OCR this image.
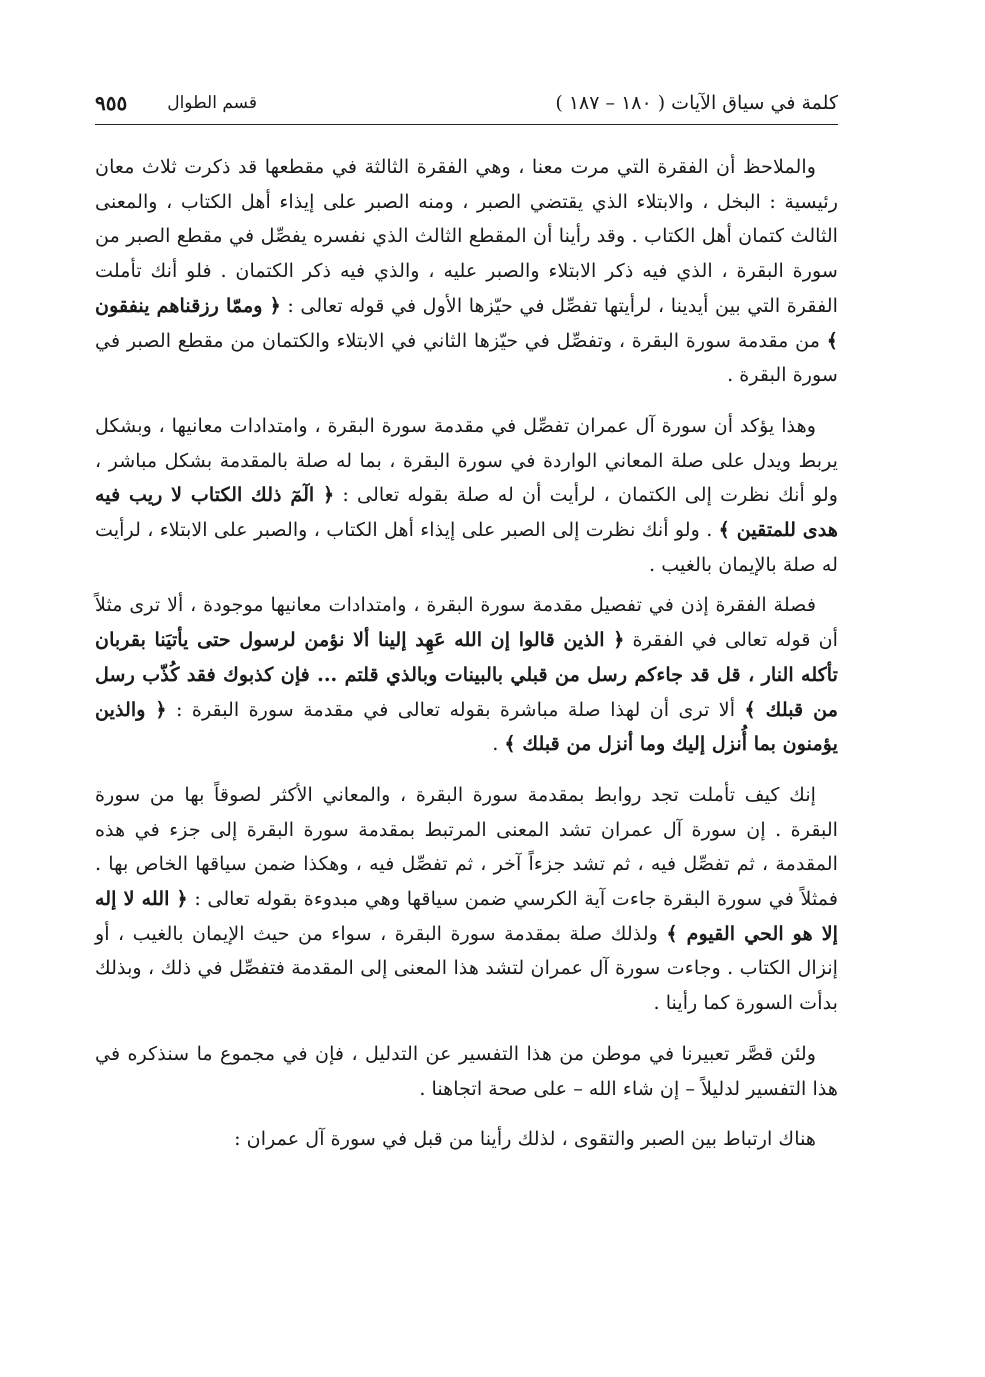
كلمة في سياق الآيات ( ١٨٠ – ١٨٧ )
قسم الطوال
٩٥٥

والملاحظ أن الفقرة التي مرت معنا ، وهي الفقرة الثالثة في مقطعها قد ذكرت ثلاث معان رئيسية : البخل ، والابتلاء الذي يقتضي الصبر ، ومنه الصبر على إيذاء أهل الكتاب ، والمعنى الثالث كتمان أهل الكتاب . وقد رأينا أن المقطع الثالث الذي نفسره يفصِّل في مقطع الصبر من سورة البقرة ، الذي فيه ذكر الابتلاء والصبر عليه ، والذي فيه ذكر الكتمان . فلو أنك تأملت الفقرة التي بين أيدينا ، لرأيتها تفصِّل في حيّزها الأول في قوله تعالى : ﴿ وممّا رزقناهم ينفقون ﴾ من مقدمة سورة البقرة ، وتفصِّل في حيّزها الثاني في الابتلاء والكتمان من مقطع الصبر في سورة البقرة .

وهذا يؤكد أن سورة آل عمران تفصِّل في مقدمة سورة البقرة ، وامتدادات معانيها ، وبشكل يربط ويدل على صلة المعاني الواردة في سورة البقرة ، بما له صلة بالمقدمة بشكل مباشر ، ولو أنك نظرت إلى الكتمان ، لرأيت أن له صلة بقوله تعالى : ﴿ الٓمٓ ذلك الكتاب لا ريب فيه هدى للمتقين ﴾ . ولو أنك نظرت إلى الصبر على إيذاء أهل الكتاب ، والصبر على الابتلاء ، لرأيت له صلة بالإيمان بالغيب .

فصلة الفقرة إذن في تفصيل مقدمة سورة البقرة ، وامتدادات معانيها موجودة ، ألا ترى مثلاً أن قوله تعالى في الفقرة ﴿ الذين قالوا إن الله عَهِد إلينا ألا نؤمن لرسول حتى يأتيَنا بقربان تأكله النار ، قل قد جاءكم رسل من قبلي بالبينات وبالذي قلتم ... فإن كذبوك فقد كُذّب رسل من قبلك ﴾ ألا ترى أن لهذا صلة مباشرة بقوله تعالى في مقدمة سورة البقرة : ﴿ والذين يؤمنون بما أُنزل إليك وما أنزل من قبلك ﴾ .

إنك كيف تأملت تجد روابط بمقدمة سورة البقرة ، والمعاني الأكثر لصوقاً بها من سورة البقرة . إن سورة آل عمران تشد المعنى المرتبط بمقدمة سورة البقرة إلى جزء في هذه المقدمة ، ثم تفصِّل فيه ، ثم تشد جزءاً آخر ، ثم تفصِّل فيه ، وهكذا ضمن سياقها الخاص بها . فمثلاً في سورة البقرة جاءت آية الكرسي ضمن سياقها وهي مبدوءة بقوله تعالى : ﴿ الله لا إله إلا هو الحي القيوم ﴾ ولذلك صلة بمقدمة سورة البقرة ، سواء من حيث الإيمان بالغيب ، أو إنزال الكتاب . وجاءت سورة آل عمران لتشد هذا المعنى إلى المقدمة فتفصِّل في ذلك ، وبذلك بدأت السورة كما رأينا .

ولئن قصَّر تعبيرنا في موطن من هذا التفسير عن التدليل ، فإن في مجموع ما سنذكره في هذا التفسير لدليلاً – إن شاء الله – على صحة اتجاهنا .

هناك ارتباط بين الصبر والتقوى ، لذلك رأينا من قبل في سورة آل عمران :
